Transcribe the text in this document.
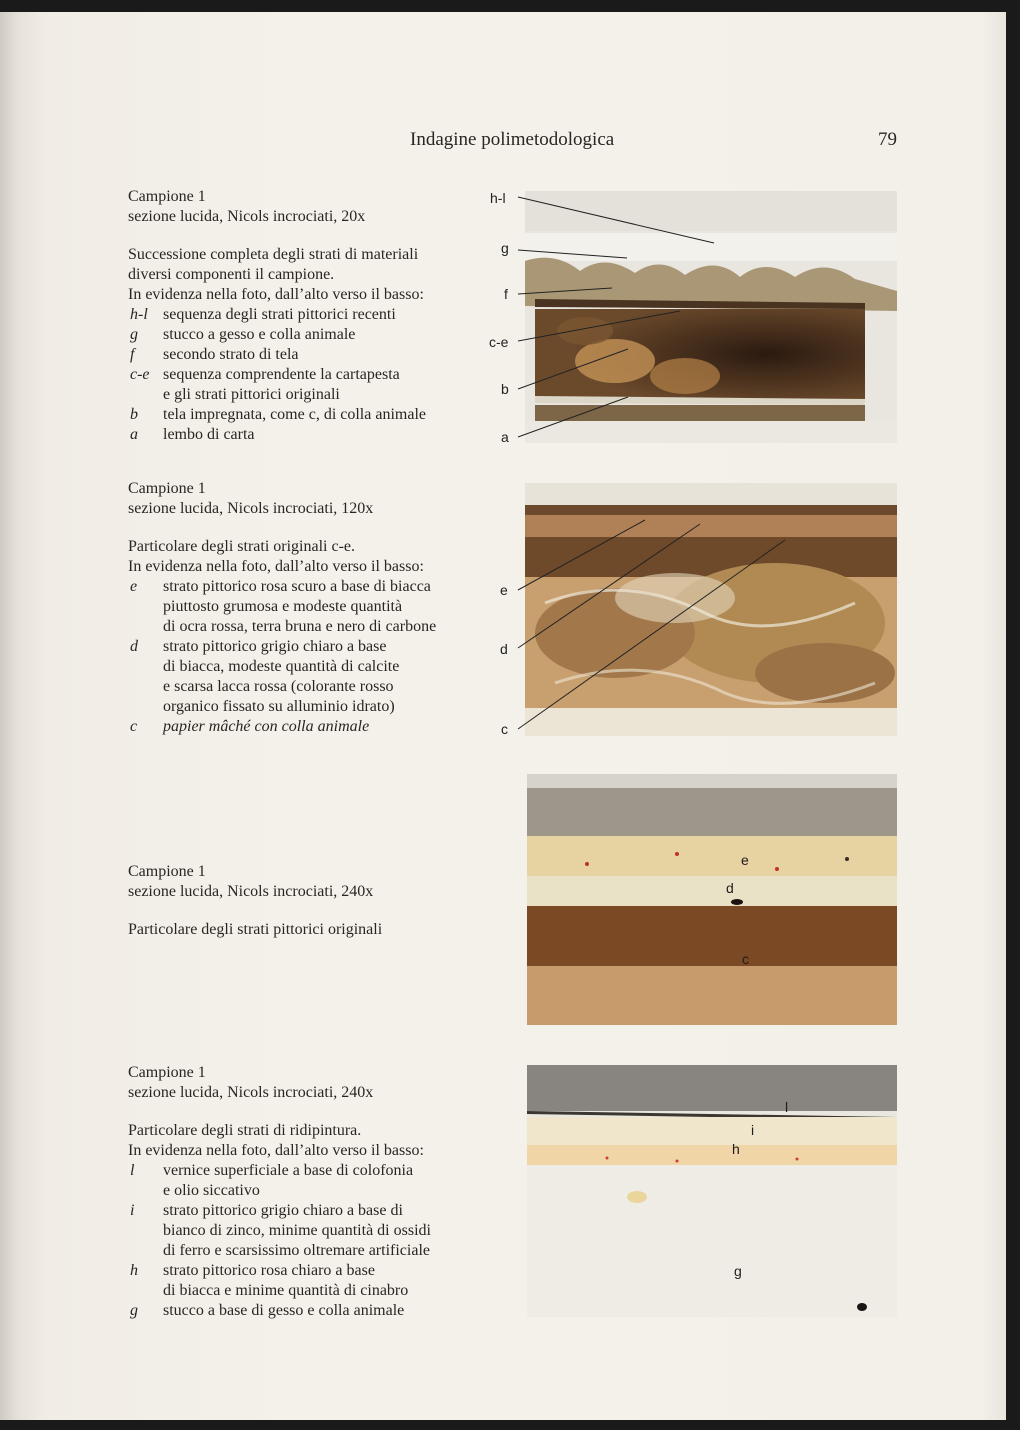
Indagine polimetodologica	79

Campione 1

sezione lucida, Nicols incrociati, 20x

Successione completa degli strati di materiali

diversi componenti il campione.

In evidenza nella foto, dall’alto verso il basso:

h-l sequenza degli strati pittorici recenti
g	stucco a gesso e colla animale
f	secondo strato di tela
c-e sequenza comprendente la cartapesta
e gli strati pittorici originali
b	tela impregnata, come c, di colla animale
a	lembo di carta

Campione 1

sezione lucida, Nicols incrociati, 120x

Particolare degli strati originali c-e.

In evidenza nella foto, dall’alto verso il basso:

e	strato pittorico rosa scuro a base di biacca
piuttosto grumosa e modeste quantità
di ocra rossa, terra bruna e nero di carbone
d	strato pittorico grigio chiaro a base
di biacca, modeste quantità di calcite
e scarsa lacca rossa (colorante rosso
organico fissato su alluminio idrato)
c	papier mâché con colla animale

Campione 1

sezione lucida, Nicols incrociati, 240x

Particolare degli strati pittorici originali

Campione 1

sezione lucida, Nicols incrociati, 240x

Particolare degli strati di ridipintura.

In evidenza nella foto, dall’alto verso il basso:

l	vernice superficiale a base di colofonia
e olio siccativo
i	strato pittorico grigio chiaro a base di
bianco di zinco, minime quantità di ossidi
di ferro e scarsissimo oltremare artificiale
h	strato pittorico rosa chiaro a base
di biacca e minime quantità di cinabro
g	stucco a base di gesso e colla animale
h-l
g
f
c-e
b
a
e
d
c
e
d
c
l
i
h
g
